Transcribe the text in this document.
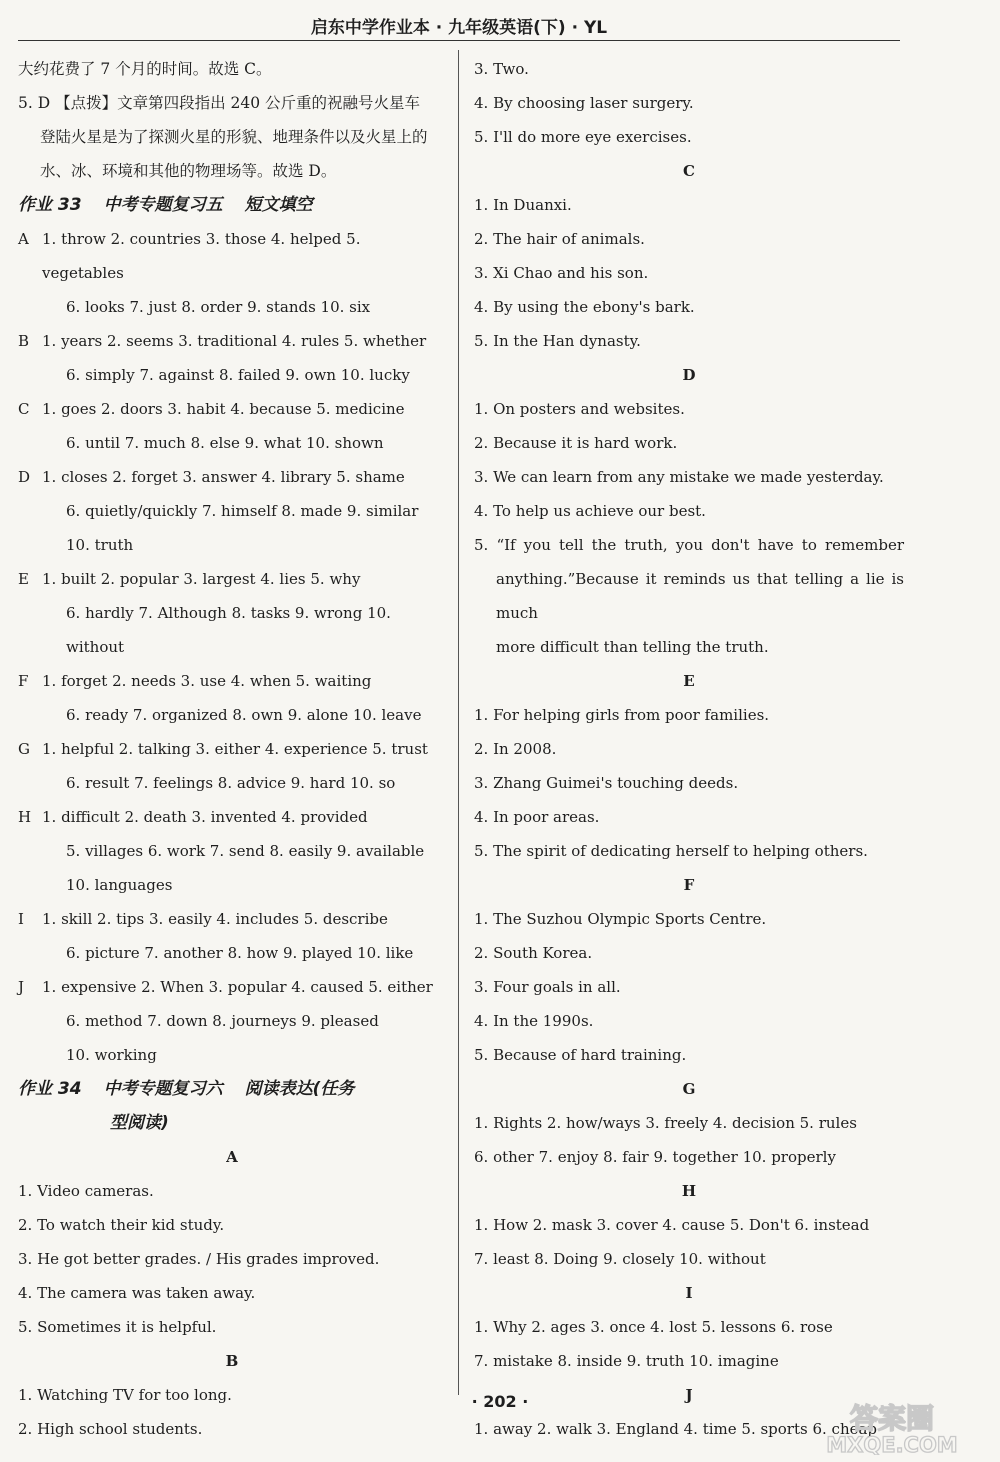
启东中学作业本 · 九年级英语(下) · YL

大约花费了 7 个月的时间。故选 C。

5. D 【点拨】文章第四段指出 240 公斤重的祝融号火星车

登陆火星是为了探测火星的形貌、地理条件以及火星上的

水、冰、环境和其他的物理场等。故选 D。

作业 33 中考专题复习五 短文填空

A 1. throw 2. countries 3. those 4. helped 5. vegetables
6. looks 7. just 8. order 9. stands 10. six
B 1. years 2. seems 3. traditional 4. rules 5. whether
6. simply 7. against 8. failed 9. own 10. lucky
C 1. goes 2. doors 3. habit 4. because 5. medicine
6. until 7. much 8. else 9. what 10. shown
D 1. closes 2. forget 3. answer 4. library 5. shame
6. quietly/quickly 7. himself 8. made 9. similar
10. truth
E 1. built 2. popular 3. largest 4. lies 5. why
6. hardly 7. Although 8. tasks 9. wrong 10. without
F 1. forget 2. needs 3. use 4. when 5. waiting
6. ready 7. organized 8. own 9. alone 10. leave
G 1. helpful 2. talking 3. either 4. experience 5. trust
6. result 7. feelings 8. advice 9. hard 10. so
H 1. difficult 2. death 3. invented 4. provided
5. villages 6. work 7. send 8. easily 9. available
10. languages
I	1. skill 2. tips 3. easily 4. includes 5. describe
6. picture 7. another 8. how 9. played 10. like
J	1. expensive 2. When 3. popular 4. caused 5. either
6. method 7. down 8. journeys 9. pleased
10. working

作业 34 中考专题复习六 阅读表达(任务

型阅读)

A

1. Video cameras.

2. To watch their kid study.

3. He got better grades. / His grades improved.

4. The camera was taken away.

5. Sometimes it is helpful.

B

1. Watching TV for too long.

2. High school students.

3. Two.

4. By choosing laser surgery.

5. I'll do more eye exercises.

C

1. In Duanxi.

2. The hair of animals.

3. Xi Chao and his son.

4. By using the ebony's bark.

5. In the Han dynasty.

D

1. On posters and websites.

2. Because it is hard work.

3. We can learn from any mistake we made yesterday.

4. To help us achieve our best.

5. “If you tell the truth, you don't have to remember

anything.”Because it reminds us that telling a lie is much

more difficult than telling the truth.

E

1. For helping girls from poor families.

2. In 2008.

3. Zhang Guimei's touching deeds.

4. In poor areas.

5. The spirit of dedicating herself to helping others.

F

1. The Suzhou Olympic Sports Centre.

2. South Korea.

3. Four goals in all.

4. In the 1990s.

5. Because of hard training.

G

1. Rights 2. how/ways 3. freely 4. decision 5. rules

6. other 7. enjoy 8. fair 9. together 10. properly

H

1. How 2. mask 3. cover 4. cause 5. Don't 6. instead

7. least 8. Doing 9. closely 10. without

I

1. Why 2. ages 3. once 4. lost 5. lessons 6. rose

7. mistake 8. inside 9. truth 10. imagine

J

1. away 2. walk 3. England 4. time 5. sports 6. cheap

· 202 ·
答案圈
MXQE.COM
